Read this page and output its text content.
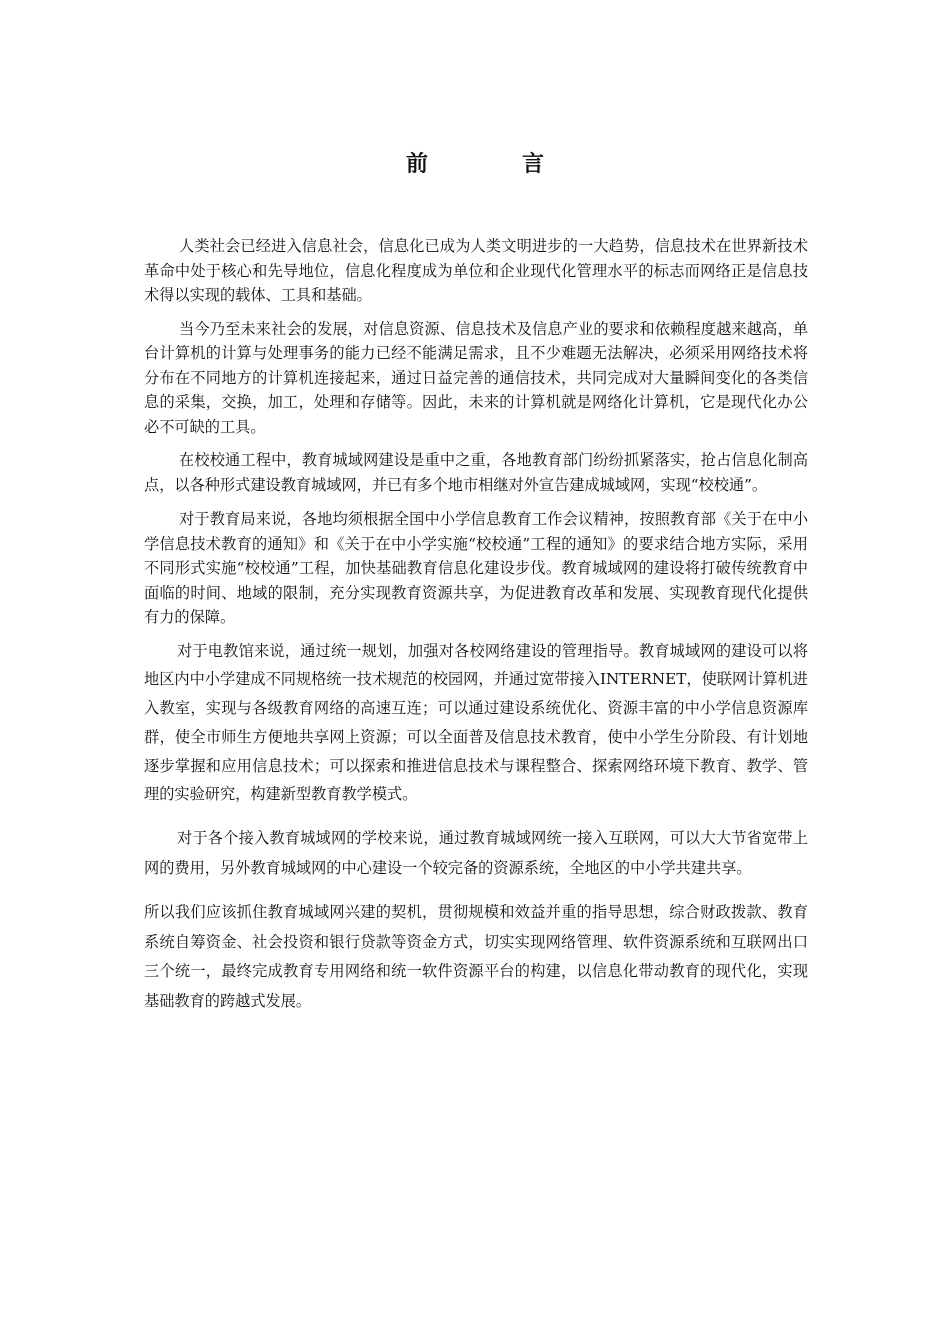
前　言

人类社会已经进入信息社会，信息化已成为人类文明进步的一大趋势，信息技术在世界新技术革命中处于核心和先导地位，信息化程度成为单位和企业现代化管理水平的标志而网络正是信息技术得以实现的载体、工具和基础。

当今乃至未来社会的发展，对信息资源、信息技术及信息产业的要求和依赖程度越来越高，单台计算机的计算与处理事务的能力已经不能满足需求，且不少难题无法解决，必须采用网络技术将分布在不同地方的计算机连接起来，通过日益完善的通信技术，共同完成对大量瞬间变化的各类信息的采集，交换，加工，处理和存储等。因此，未来的计算机就是网络化计算机，它是现代化办公必不可缺的工具。

在校校通工程中，教育城域网建设是重中之重，各地教育部门纷纷抓紧落实，抢占信息化制高点，以各种形式建设教育城域网，并已有多个地市相继对外宣告建成城域网，实现“校校通”。

对于教育局来说，各地均须根据全国中小学信息教育工作会议精神，按照教育部《关于在中小学信息技术教育的通知》和《关于在中小学实施“校校通”工程的通知》的要求结合地方实际，采用不同形式实施“校校通”工程，加快基础教育信息化建设步伐。教育城域网的建设将打破传统教育中面临的时间、地域的限制，充分实现教育资源共享，为促进教育改革和发展、实现教育现代化提供有力的保障。

对于电教馆来说，通过统一规划，加强对各校网络建设的管理指导。教育城域网的建设可以将地区内中小学建成不同规格统一技术规范的校园网，并通过宽带接入INTERNET，使联网计算机进入教室，实现与各级教育网络的高速互连；可以通过建设系统优化、资源丰富的中小学信息资源库群，使全市师生方便地共享网上资源；可以全面普及信息技术教育，使中小学生分阶段、有计划地逐步掌握和应用信息技术；可以探索和推进信息技术与课程整合、探索网络环境下教育、教学、管理的实验研究，构建新型教育教学模式。

对于各个接入教育城域网的学校来说，通过教育城域网统一接入互联网，可以大大节省宽带上网的费用，另外教育城域网的中心建设一个较完备的资源系统，全地区的中小学共建共享。

所以我们应该抓住教育城域网兴建的契机，贯彻规模和效益并重的指导思想，综合财政拨款、教育系统自筹资金、社会投资和银行贷款等资金方式，切实实现网络管理、软件资源系统和互联网出口三个统一，最终完成教育专用网络和统一软件资源平台的构建，以信息化带动教育的现代化，实现基础教育的跨越式发展。
